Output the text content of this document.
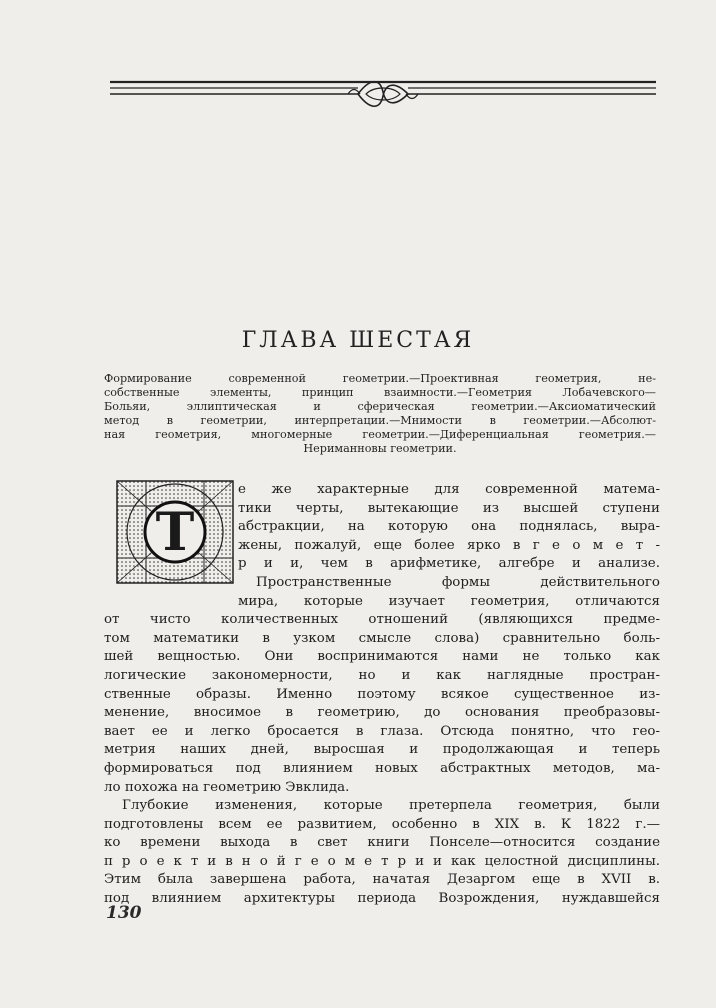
ГЛАВА ШЕСТАЯ
Формирование современной геометрии.—Проективная геометрия, не-
собственные элементы, принцип взаимности.—Геометрия Лобачевского—
Больяи, эллиптическая и сферическая геометрии.—Аксиоматический
метод в геометрии, интерпретации.—Мнимости в геометрии.—Абсолют-
ная геометрия, многомерные геометрии.—Диференциальная геометрия.—
Нериманновы геометрии.
Т
е же характерные для современной матема-
тики черты, вытекающие из высшей ступени
абстракции, на которую она поднялась, выра-
жены, пожалуй, еще более ярко в г е о м е т -
р и и, чем в арифметике, алгебре и анализе.
Пространственные формы действительного
мира, которые изучает геометрия, отличаются
от чисто количественных отношений (являющихся предме-
том математики в узком смысле слова) сравнительно боль-
шей вещностью. Они воспринимаются нами не только как
логические закономерности, но и как наглядные простран-
ственные образы. Именно поэтому всякое существенное из-
менение, вносимое в геометрию, до основания преобразовы-
вает ее и легко бросается в глаза. Отсюда понятно, что гео-
метрия наших дней, выросшая и продолжающая и теперь
формироваться под влиянием новых абстрактных методов, ма-
ло похожа на геометрию Эвклида.
Глубокие изменения, которые претерпела геометрия, были
подготовлены всем ее развитием, особенно в XIX в. К 1822 г.—
ко времени выхода в свет книги Понселе—относится создание
п р о е к т и в н о й г е о м е т р и и как целостной дисциплины.
Этим была завершена работа, начатая Дезаргом еще в XVII в.
под влиянием архитектуры периода Возрождения, нуждавшейся
130
